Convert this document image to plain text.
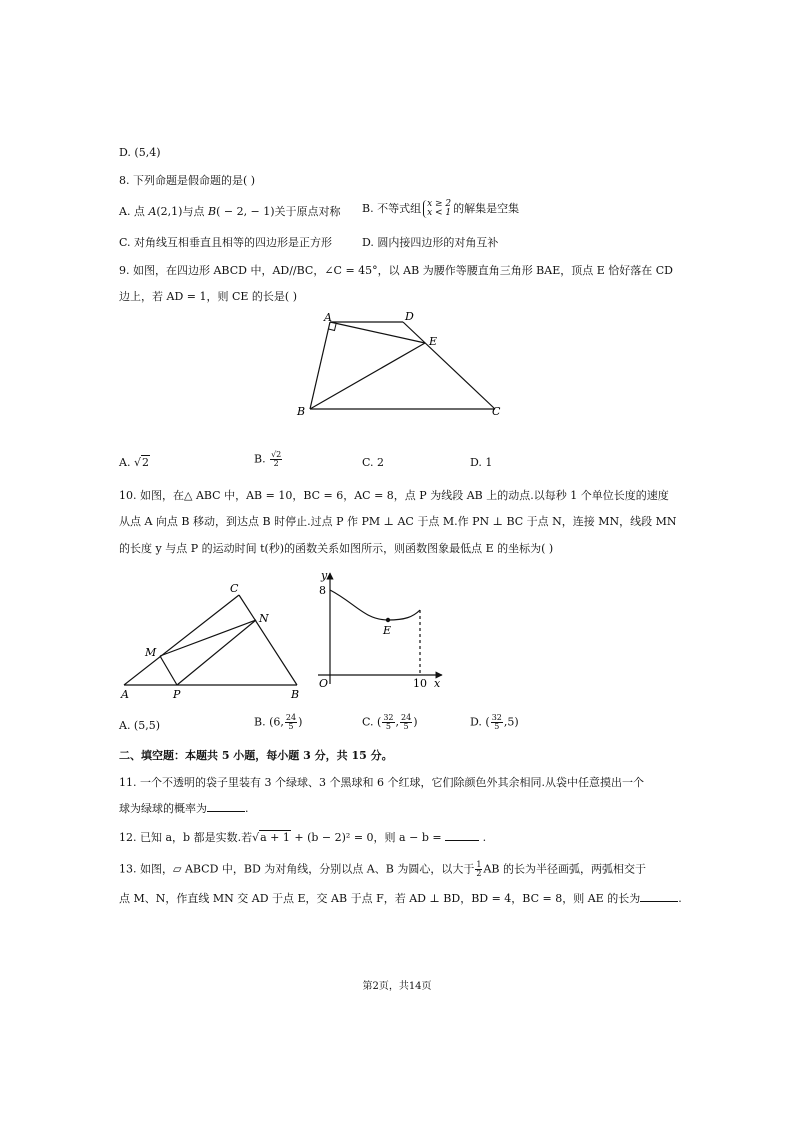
D. (5,4)
8. 下列命题是假命题的是( )
A. 点 A(2,1)与点 B( − 2, − 1)关于原点对称 B. 不等式组 x ≥ 2
x < 1 的解集是空集
C. 对角线互相垂直且相等的四边形是正方形	D. 圆内接四边形的对角互补
9. 如图，在四边形 ABCD 中，AD//BC，∠C = 45°，以 AB 为腰作等腰直角三角形 BAE，顶点 E 恰好落在 CD
边上，若 AD = 1，则 CE 的长是( )
A	D
E
B	C
A. √2	B. $\frac{√2}{2}$	C. 2	D. 1
10. 如图，在△ ABC 中，AB = 10，BC = 6，AC = 8，点 P 为线段 AB 上的动点.以每秒 1 个单位长度的速度
从点 A 向点 B 移动，到达点 B 时停止.过点 P 作 PM ⊥ AC 于点 M.作 PN ⊥ BC 于点 N，连接 MN，线段 MN
的长度 y 与点 P 的运动时间 t(秒)的函数关系如图所示，则函数图象最低点 E 的坐标为( )
C
N
M
A	P	B
y
8
E
O	10 x
A. (5,5)	B. (6, $\frac{24}{5}$ )	C. ( $\frac{32}{5}$ , $\frac{24}{5}$ )	D. ( $\frac{32}{5} ,5$)
二、填空题：本题共 5 小题，每小题 3 分，共 15 分。
11. 一个不透明的袋子里装有 3 个绿球、3 个黑球和 6 个红球，它们除颜色外其余相同.从袋中任意摸出一个
球为绿球的概率为	.
12. 已知 a，b 都是实数.若√a + 1 + (b − 2)² = 0，则 a − b =	.
13. 如图，▱ ABCD 中，BD 为对角线，分别以点 A、B 为圆心，以大于 $\frac{1}{2}$ AB 的长为半径画弧，两弧相交于
点 M、N，作直线 MN 交 AD 于点 E，交 AB 于点 F，若 AD ⊥ BD，BD = 4，BC = 8，则 AE 的长为	.
第2页，共14页
